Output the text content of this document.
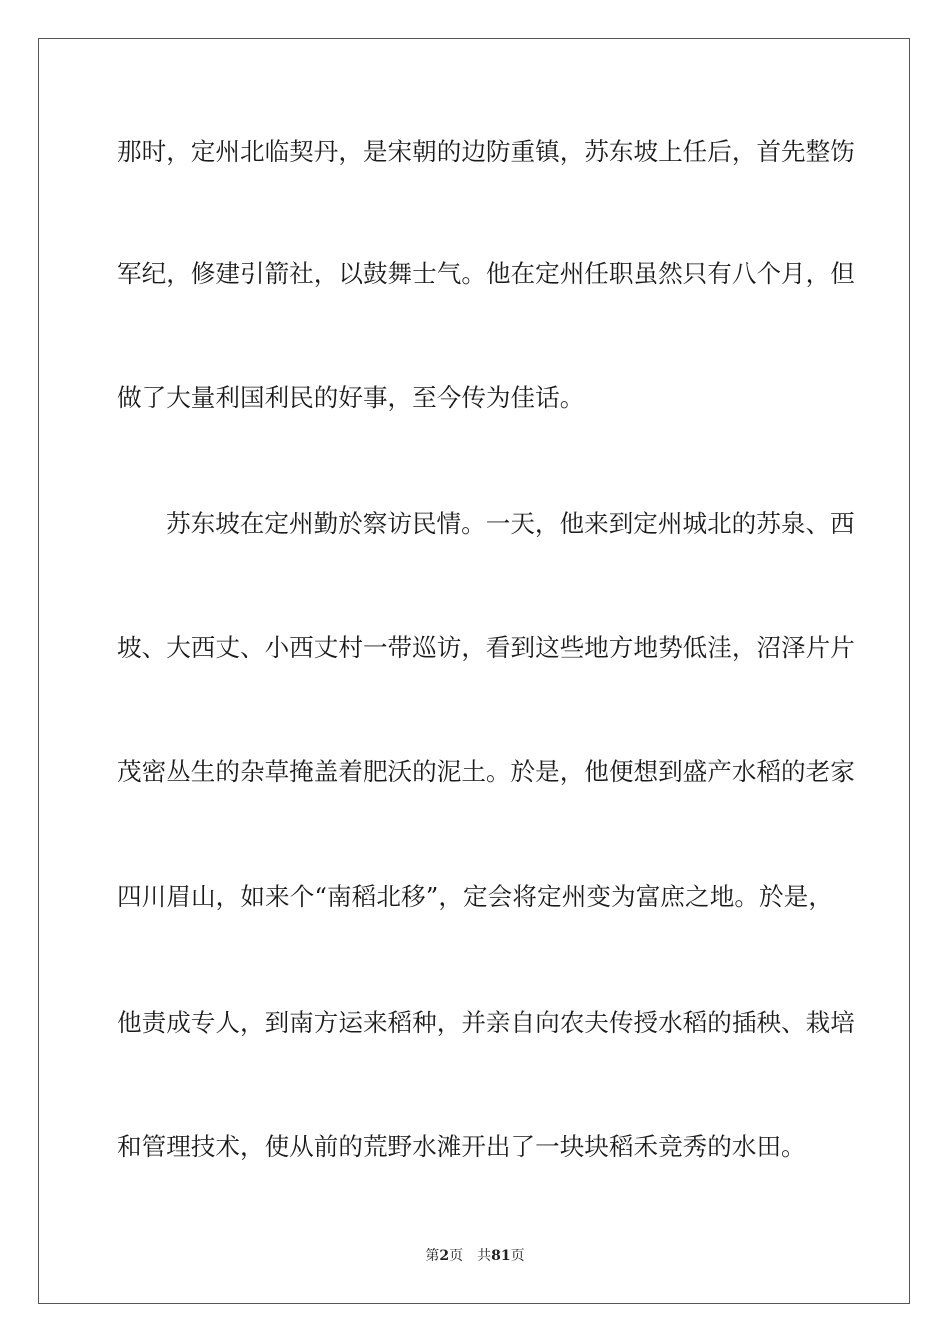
那时，定州北临契丹，是宋朝的边防重镇，苏东坡上任后，首先整饬
军纪，修建引箭社，以鼓舞士气。他在定州任职虽然只有八个月，但
做了大量利国利民的好事，至今传为佳话。
苏东坡在定州勤於察访民情。一天，他来到定州城北的苏泉、西
坡、大西丈、小西丈村一带巡访，看到这些地方地势低洼，沼泽片片
茂密丛生的杂草掩盖着肥沃的泥土。於是，他便想到盛产水稻的老家
四川眉山，如来个“南稻北移”，定会将定州变为富庶之地。於是，
他责成专人，到南方运来稻种，并亲自向农夫传授水稻的插秧、栽培
和管理技术，使从前的荒野水滩开出了一块块稻禾竞秀的水田。
第2页 共81页
